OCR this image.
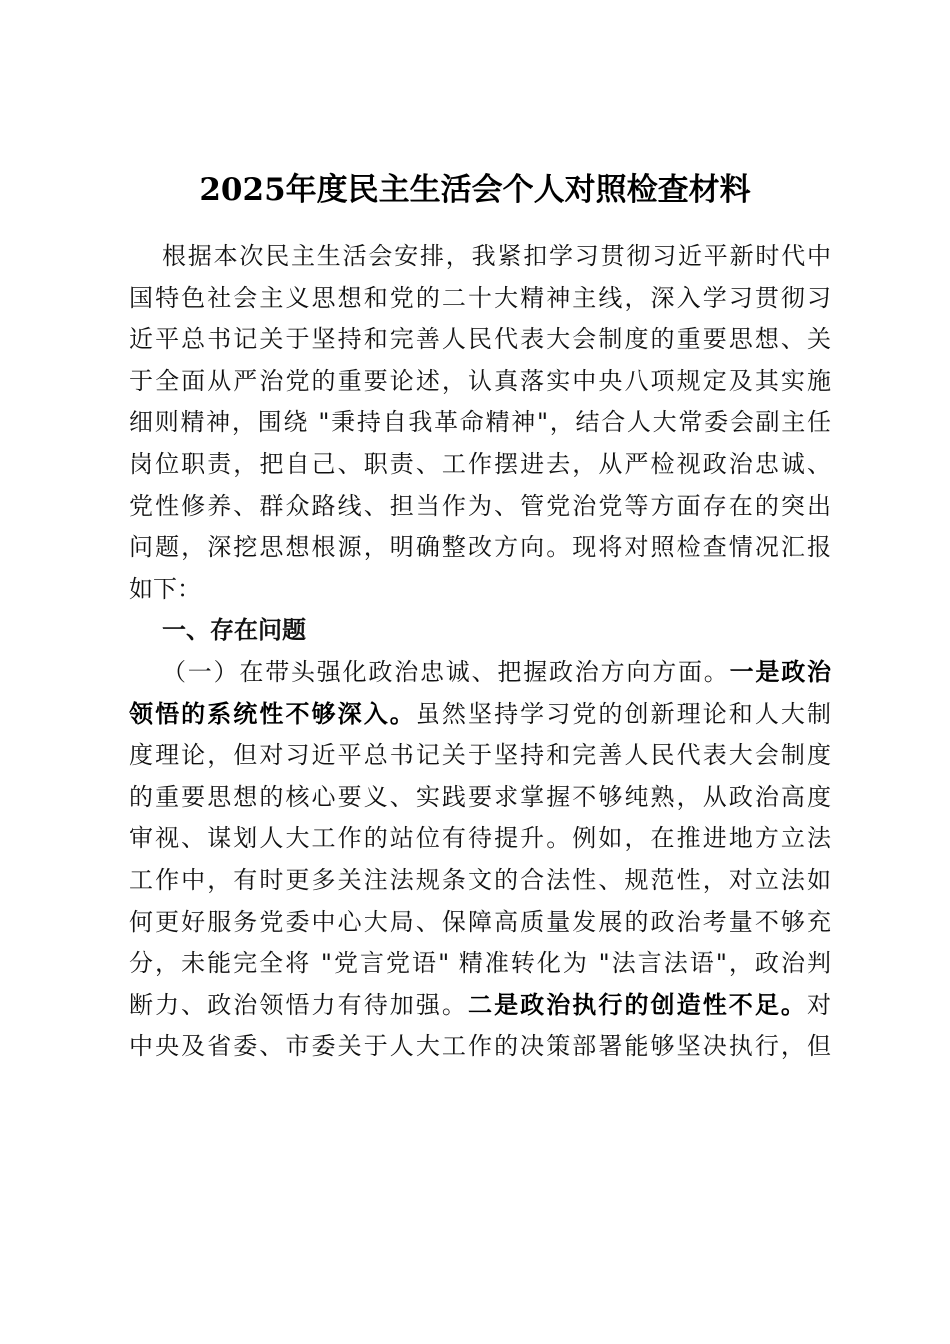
2025年度民主生活会个人对照检查材料
根据本次民主生活会安排，我紧扣学习贯彻习近平新时代中
国特色社会主义思想和党的二十大精神主线，深入学习贯彻习
近平总书记关于坚持和完善人民代表大会制度的重要思想、关
于全面从严治党的重要论述，认真落实中央八项规定及其实施
细则精神，围绕 "秉持自我革命精神"，结合人大常委会副主任
岗位职责，把自己、职责、工作摆进去，从严检视政治忠诚、
党性修养、群众路线、担当作为、管党治党等方面存在的突出
问题，深挖思想根源，明确整改方向。现将对照检查情况汇报
如下：
一、存在问题
（一）在带头强化政治忠诚、把握政治方向方面。一是政治
领悟的系统性不够深入。虽然坚持学习党的创新理论和人大制
度理论，但对习近平总书记关于坚持和完善人民代表大会制度
的重要思想的核心要义、实践要求掌握不够纯熟，从政治高度
审视、谋划人大工作的站位有待提升。例如，在推进地方立法
工作中，有时更多关注法规条文的合法性、规范性，对立法如
何更好服务党委中心大局、保障高质量发展的政治考量不够充
分，未能完全将 "党言党语" 精准转化为 "法言法语"，政治判
断力、政治领悟力有待加强。二是政治执行的创造性不足。对
中央及省委、市委关于人大工作的决策部署能够坚决执行，但
